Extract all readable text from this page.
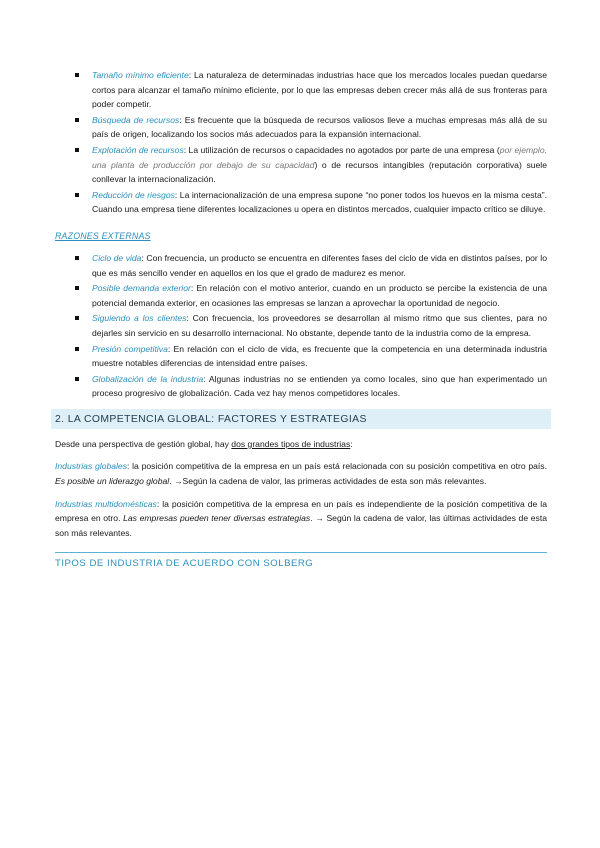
Tamaño mínimo eficiente: La naturaleza de determinadas industrias hace que los mercados locales puedan quedarse cortos para alcanzar el tamaño mínimo eficiente, por lo que las empresas deben crecer más allá de sus fronteras para poder competir.
Búsqueda de recursos: Es frecuente que la búsqueda de recursos valiosos lleve a muchas empresas más allá de su país de origen, localizando los socios más adecuados para la expansión internacional.
Explotación de recursos: La utilización de recursos o capacidades no agotados por parte de una empresa (por ejemplo, una planta de producción por debajo de su capacidad) o de recursos intangibles (reputación corporativa) suele conllevar la internacionalización.
Reducción de riesgos: La internacionalización de una empresa supone “no poner todos los huevos en la misma cesta”. Cuando una empresa tiene diferentes localizaciones u opera en distintos mercados, cualquier impacto crítico se diluye.
RAZONES EXTERNAS
Ciclo de vida: Con frecuencia, un producto se encuentra en diferentes fases del ciclo de vida en distintos países, por lo que es más sencillo vender en aquellos en los que el grado de madurez es menor.
Posible demanda exterior: En relación con el motivo anterior, cuando en un producto se percibe la existencia de una potencial demanda exterior, en ocasiones las empresas se lanzan a aprovechar la oportunidad de negocio.
Siguiendo a los clientes: Con frecuencia, los proveedores se desarrollan al mismo ritmo que sus clientes, para no dejarles sin servicio en su desarrollo internacional. No obstante, depende tanto de la industria como de la empresa.
Presión competitiva: En relación con el ciclo de vida, es frecuente que la competencia en una determinada industria muestre notables diferencias de intensidad entre países.
Globalización de la industria: Algunas industrias no se entienden ya como locales, sino que han experimentado un proceso progresivo de globalización. Cada vez hay menos competidores locales.
2. LA COMPETENCIA GLOBAL: FACTORES Y ESTRATEGIAS

Desde una perspectiva de gestión global, hay dos grandes tipos de industrias:

Industrias globales: la posición competitiva de la empresa en un país está relacionada con su posición competitiva en otro país. Es posible un liderazgo global. →Según la cadena de valor, las primeras actividades de esta son más relevantes.

Industrias multidomésticas: la posición competitiva de la empresa en un país es independiente de la posición competitiva de la empresa en otro. Las empresas pueden tener diversas estrategias. → Según la cadena de valor, las últimas actividades de esta son más relevantes.

TIPOS DE INDUSTRIA DE ACUERDO CON SOLBERG
